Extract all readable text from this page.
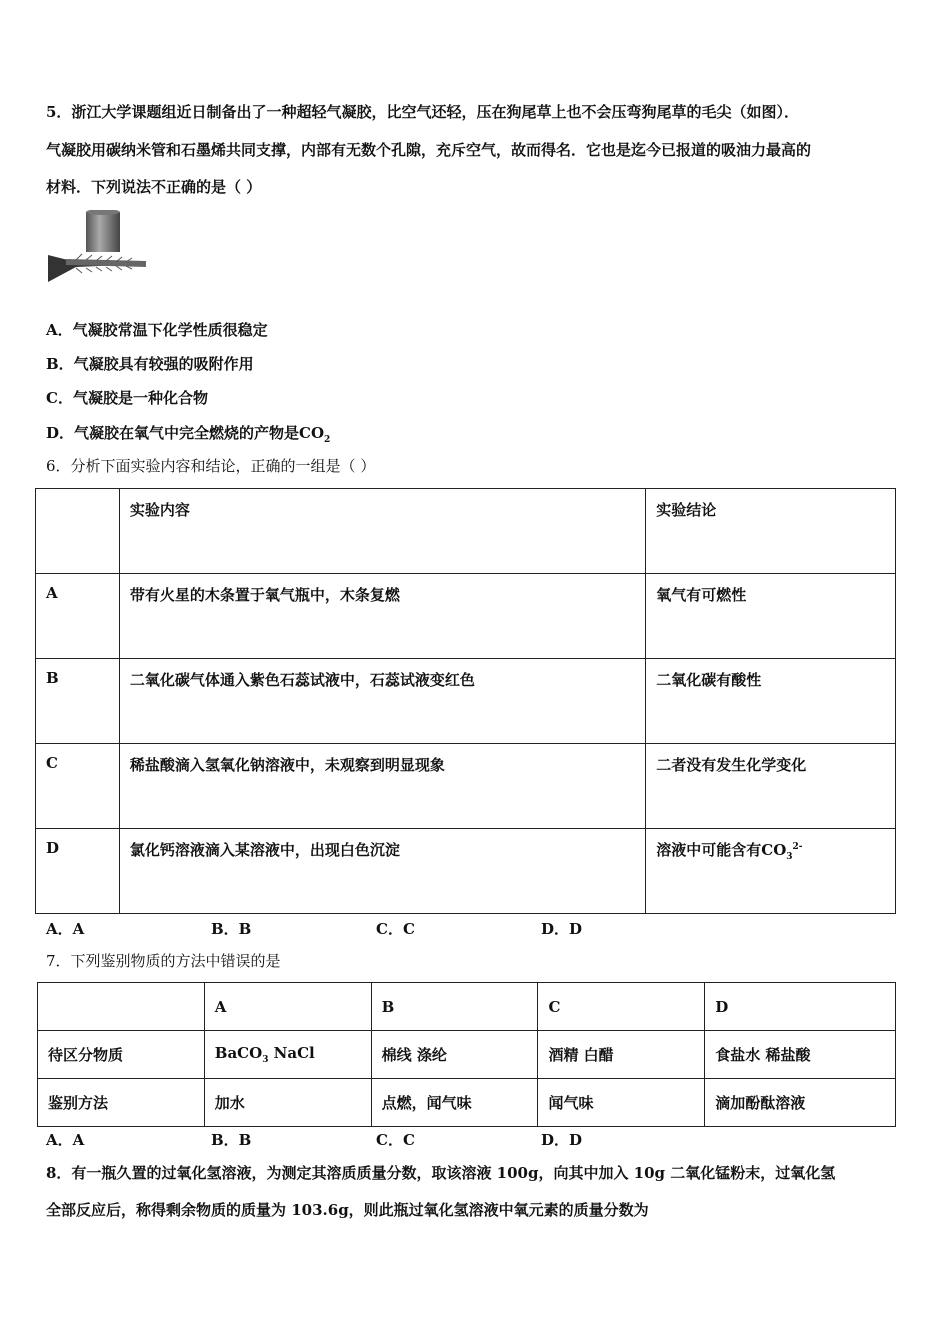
5．浙江大学课题组近日制备出了一种超轻气凝胶，比空气还轻，压在狗尾草上也不会压弯狗尾草的毛尖（如图）．
气凝胶用碳纳米管和石墨烯共同支撑，内部有无数个孔隙，充斥空气，故而得名．它也是迄今已报道的吸油力最高的
材料．下列说法不正确的是（ ）
A．气凝胶常温下化学性质很稳定
B．气凝胶具有较强的吸附作用
C．气凝胶是一种化合物
D．气凝胶在氧气中完全燃烧的产物是$CO_2$
6．分析下面实验内容和结论，正确的一组是（ ）
	实验内容	实验结论
A	带有火星的木条置于氧气瓶中，木条复燃	氧气有可燃性
B	二氧化碳气体通入紫色石蕊试液中，石蕊试液变红色	二氧化碳有酸性
C	稀盐酸滴入氢氧化钠溶液中，未观察到明显现象	二者没有发生化学变化
D	氯化钙溶液滴入某溶液中，出现白色沉淀	溶液中可能含有$CO_3^{2-}$
A．A	B．B	C．C	D．D
7．下列鉴别物质的方法中错误的是
	A	B	C	D
待区分物质	BaCO$_3$ NaCl	棉线 涤纶	酒精 白醋	食盐水 稀盐酸
鉴别方法	加水	点燃，闻气味	闻气味	滴加酚酞溶液
A．A	B．B	C．C	D．D
8．有一瓶久置的过氧化氢溶液，为测定其溶质质量分数，取该溶液 100g，向其中加入 10g 二氧化锰粉末，过氧化氢
全部反应后，称得剩余物质的质量为 103.6g，则此瓶过氧化氢溶液中氧元素的质量分数为
